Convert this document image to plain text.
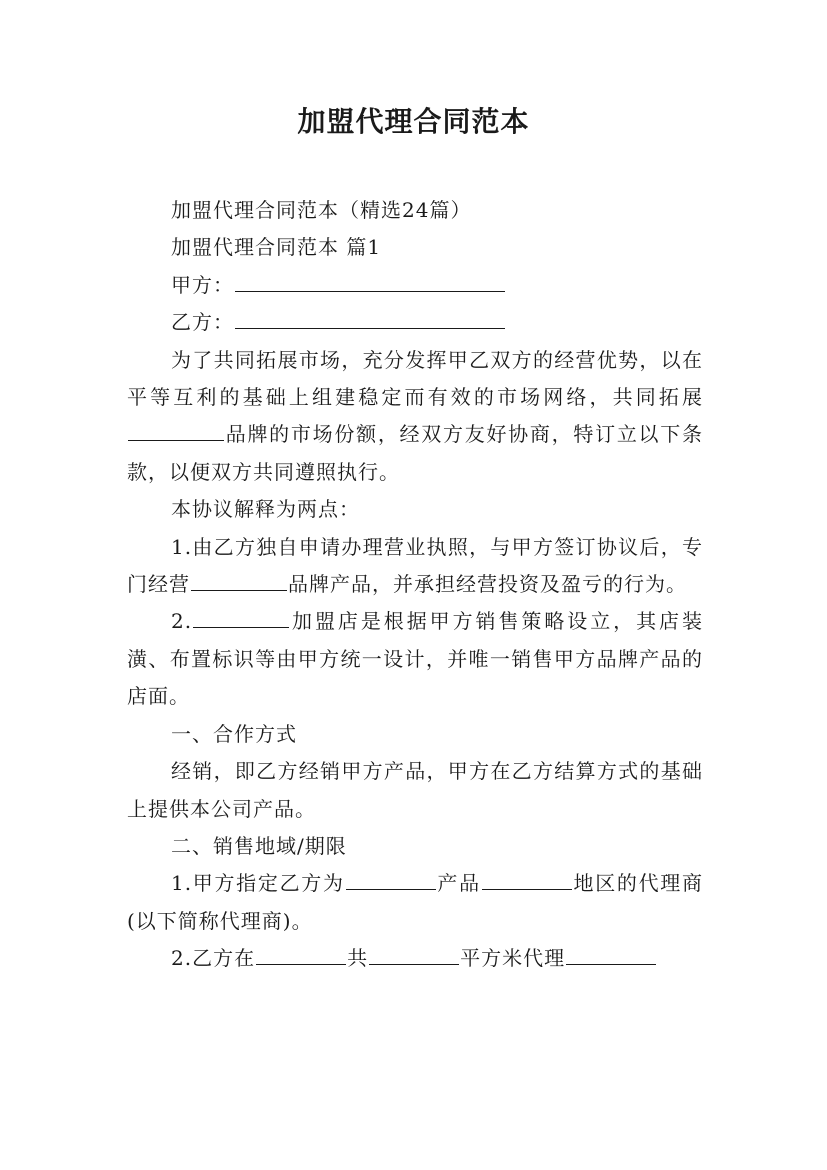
加盟代理合同范本

加盟代理合同范本（精选24篇）

加盟代理合同范本 篇1

甲方：

乙方：

为了共同拓展市场，充分发挥甲乙双方的经营优势，以在平等互利的基础上组建稳定而有效的市场网络，共同拓展品牌的市场份额，经双方友好协商，特订立以下条款，以便双方共同遵照执行。

本协议解释为两点：

1.由乙方独自申请办理营业执照，与甲方签订协议后，专门经营	品牌产品，并承担经营投资及盈亏的行为。

2.	加盟店是根据甲方销售策略设立，其店装潢、布置标识等由甲方统一设计，并唯一销售甲方品牌产品的店面。

一、合作方式

经销，即乙方经销甲方产品，甲方在乙方结算方式的基础上提供本公司产品。

二、销售地域/期限

1.甲方指定乙方为	产品	地区的代理商(以下简称代理商)。

2.乙方在	共	平方米代理
